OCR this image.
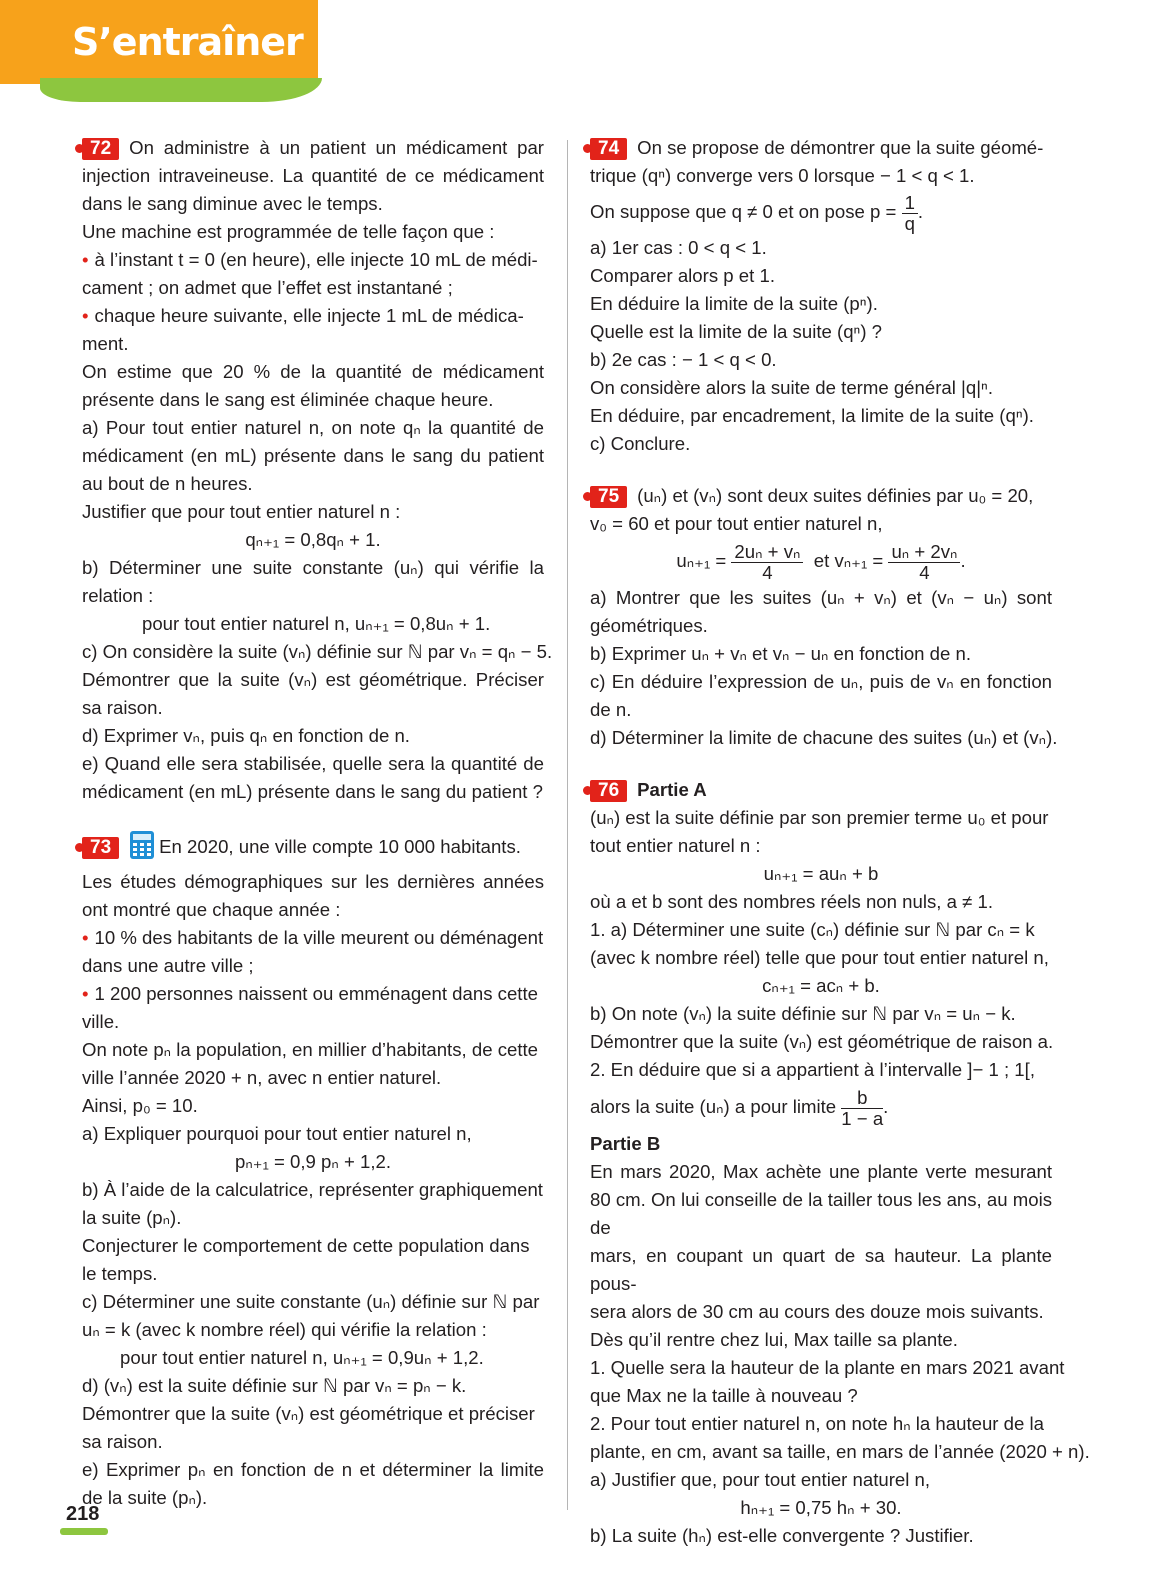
S’entraîner
72 On administre à un patient un médicament par
injection intraveineuse. La quantité de ce médicament
dans le sang diminue avec le temps.
Une machine est programmée de telle façon que :
• à l’instant t = 0 (en heure), elle injecte 10 mL de médi-
cament ; on admet que l’effet est instantané ;
• chaque heure suivante, elle injecte 1 mL de médica-
ment.
On estime que 20 % de la quantité de médicament
présente dans le sang est éliminée chaque heure.
a) Pour tout entier naturel n, on note qₙ la quantité de
médicament (en mL) présente dans le sang du patient
au bout de n heures.
Justifier que pour tout entier naturel n :
qₙ₊₁ = 0,8qₙ + 1.
b) Déterminer une suite constante (uₙ) qui vérifie la
relation :
pour tout entier naturel n, uₙ₊₁ = 0,8uₙ + 1.
c) On considère la suite (vₙ) définie sur ℕ par vₙ = qₙ − 5.
Démontrer que la suite (vₙ) est géométrique. Préciser
sa raison.
d) Exprimer vₙ, puis qₙ en fonction de n.
e) Quand elle sera stabilisée, quelle sera la quantité de
médicament (en mL) présente dans le sang du patient ?
73	En 2020, une ville compte 10 000 habitants.
Les études démographiques sur les dernières années
ont montré que chaque année :
• 10 % des habitants de la ville meurent ou déménagent
dans une autre ville ;
• 1 200 personnes naissent ou emménagent dans cette
ville.
On note pₙ la population, en millier d’habitants, de cette
ville l’année 2020 + n, avec n entier naturel.
Ainsi, p₀ = 10.
a) Expliquer pourquoi pour tout entier naturel n,
pₙ₊₁ = 0,9 pₙ + 1,2.
b) À l’aide de la calculatrice, représenter graphiquement
la suite (pₙ).
Conjecturer le comportement de cette population dans
le temps.
c) Déterminer une suite constante (uₙ) définie sur ℕ par
uₙ = k (avec k nombre réel) qui vérifie la relation :
pour tout entier naturel n, uₙ₊₁ = 0,9uₙ + 1,2.
d) (vₙ) est la suite définie sur ℕ par vₙ = pₙ − k.
Démontrer que la suite (vₙ) est géométrique et préciser
sa raison.
e) Exprimer pₙ en fonction de n et déterminer la limite
de la suite (pₙ).
74 On se propose de démontrer que la suite géomé-
trique (qⁿ) converge vers 0 lorsque − 1 < q < 1.
On suppose que q ≠ 0 et on pose $p = \frac{1}{q}$ .
a) 1er cas : 0 < q < 1.
Comparer alors p et 1.
En déduire la limite de la suite (pⁿ).
Quelle est la limite de la suite (qⁿ) ?
b) 2e cas : − 1 < q < 0.
On considère alors la suite de terme général |q|ⁿ.
En déduire, par encadrement, la limite de la suite (qⁿ).
c) Conclure.
75 (uₙ) et (vₙ) sont deux suites définies par u₀ = 20,
v₀ = 60 et pour tout entier naturel n,
$u_{n+1} = \frac{\text{2uₙ + vₙ}}{4}$ et $v_{n+1} = \frac{\text{uₙ + 2vₙ}}{4}$ .
a) Montrer que les suites (uₙ + vₙ) et (vₙ − uₙ) sont
géométriques.
b) Exprimer uₙ + vₙ et vₙ − uₙ en fonction de n.
c) En déduire l’expression de uₙ, puis de vₙ en fonction
de n.
d) Déterminer la limite de chacune des suites (uₙ) et (vₙ).
76 Partie A
(uₙ) est la suite définie par son premier terme u₀ et pour
tout entier naturel n :
uₙ₊₁ = auₙ + b
où a et b sont des nombres réels non nuls, a ≠ 1.
1. a) Déterminer une suite (cₙ) définie sur ℕ par cₙ = k
(avec k nombre réel) telle que pour tout entier naturel n,
cₙ₊₁ = acₙ + b.
b) On note (vₙ) la suite définie sur ℕ par vₙ = uₙ − k.
Démontrer que la suite (vₙ) est géométrique de raison a.
2. En déduire que si a appartient à l’intervalle ]− 1 ; 1[,
alors la suite (uₙ) a pour limite $\frac{b}{1 - a}$ .
Partie B
En mars 2020, Max achète une plante verte mesurant
80 cm. On lui conseille de la tailler tous les ans, au mois de
mars, en coupant un quart de sa hauteur. La plante pous-
sera alors de 30 cm au cours des douze mois suivants.
Dès qu’il rentre chez lui, Max taille sa plante.
1. Quelle sera la hauteur de la plante en mars 2021 avant
que Max ne la taille à nouveau ?
2. Pour tout entier naturel n, on note hₙ la hauteur de la
plante, en cm, avant sa taille, en mars de l’année (2020 + n).
a) Justifier que, pour tout entier naturel n,
hₙ₊₁ = 0,75 hₙ + 30.
b) La suite (hₙ) est-elle convergente ? Justifier.
218
